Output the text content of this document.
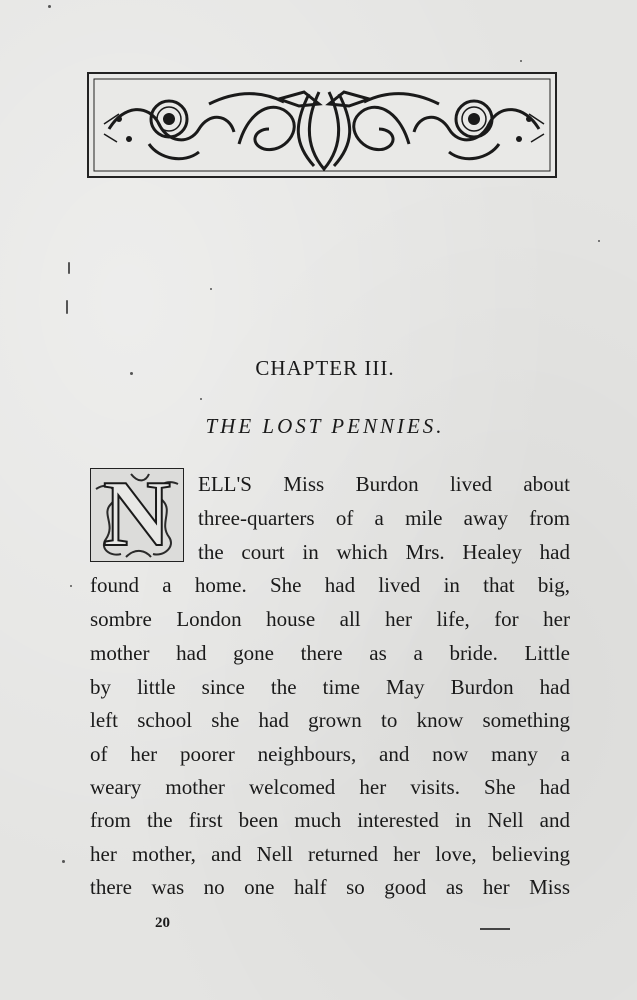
CHAPTER III.
THE LOST PENNIES.
N	ELL'S Miss Burdon lived about
three-quarters of a mile away from
the court in which Mrs. Healey had
found a home. She had lived in that big,
sombre London house all her life, for her
mother had gone there as a bride. Little
by little since the time May Burdon had
left school she had grown to know something
of her poorer neighbours, and now many a
weary mother welcomed her visits. She had
from the first been much interested in Nell and
her mother, and Nell returned her love, believing
there was no one half so good as her Miss
20
